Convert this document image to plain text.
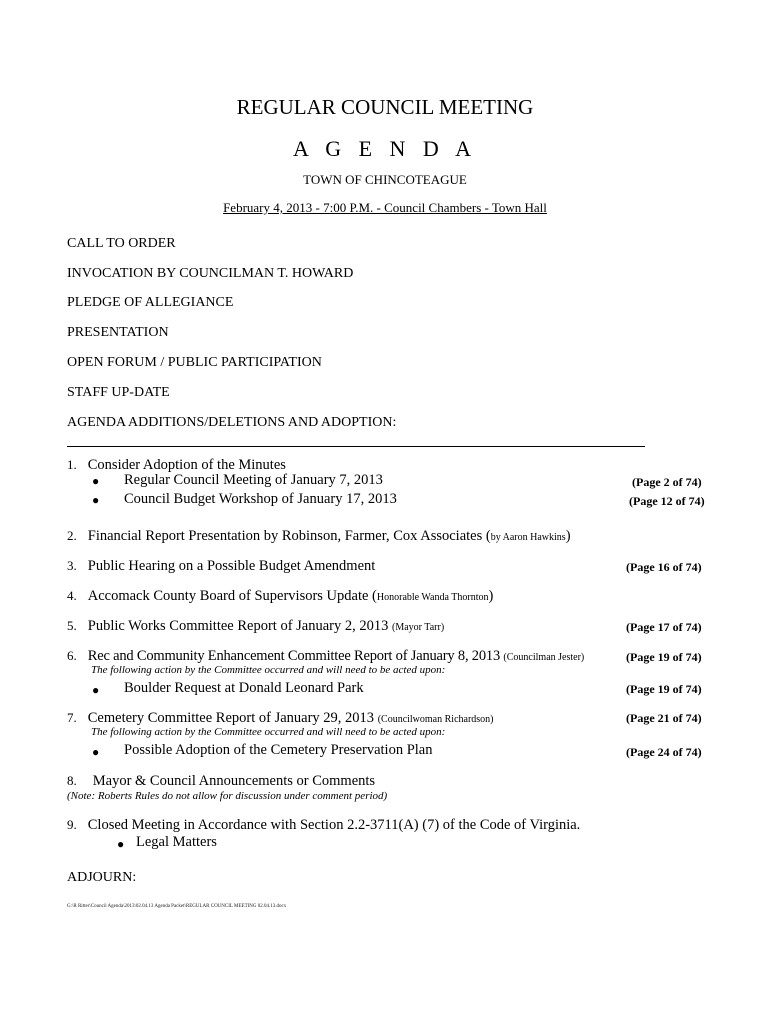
REGULAR COUNCIL MEETING
A G E N D A
TOWN OF CHINCOTEAGUE
February 4, 2013 - 7:00 P.M. - Council Chambers - Town Hall
CALL TO ORDER
INVOCATION BY COUNCILMAN T. HOWARD
PLEDGE OF ALLEGIANCE
PRESENTATION
OPEN FORUM / PUBLIC PARTICIPATION
STAFF UP-DATE
AGENDA ADDITIONS/DELETIONS AND ADOPTION:
1. Consider Adoption of the Minutes
● Regular Council Meeting of January 7, 2013	(Page 2 of 74)
● Council Budget Workshop of January 17, 2013	(Page 12 of 74)
2. Financial Report Presentation by Robinson, Farmer, Cox Associates (by Aaron Hawkins)
3. Public Hearing on a Possible Budget Amendment	(Page 16 of 74)
4. Accomack County Board of Supervisors Update (Honorable Wanda Thornton)
5. Public Works Committee Report of January 2, 2013 (Mayor Tarr)	(Page 17 of 74)
6. Rec and Community Enhancement Committee Report of January 8, 2013 (Councilman Jester)	(Page 19 of 74)
The following action by the Committee occurred and will need to be acted upon:
● Boulder Request at Donald Leonard Park	(Page 19 of 74)
7. Cemetery Committee Report of January 29, 2013 (Councilwoman Richardson)	(Page 21 of 74)
The following action by the Committee occurred and will need to be acted upon:
● Possible Adoption of the Cemetery Preservation Plan	(Page 24 of 74)
8. Mayor & Council Announcements or Comments
(Note: Roberts Rules do not allow for discussion under comment period)
9. Closed Meeting in Accordance with Section 2.2-3711(A) (7) of the Code of Virginia.
● Legal Matters
ADJOURN:
G:\R Ritter\Council Agenda\2013\02.04.13 Agenda Packet\REGULAR COUNCIL MEETING 02.04.13.docx
